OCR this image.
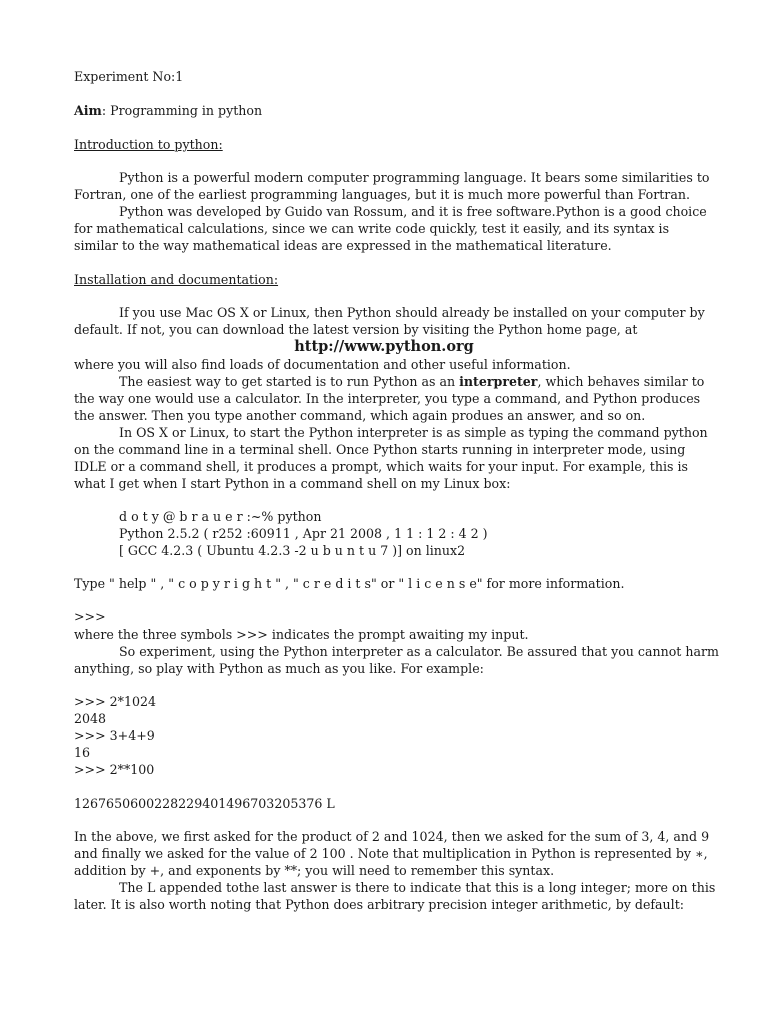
Experiment No:1
Aim: Programming in python
Introduction to python:
Python is a powerful modern computer programming language. It bears some similarities to
Fortran, one of the earliest programming languages, but it is much more powerful than Fortran.
Python was developed by Guido van Rossum, and it is free software.Python is a good choice
for mathematical calculations, since we can write code quickly, test it easily, and its syntax is
similar to the way mathematical ideas are expressed in the mathematical literature.
Installation and documentation:
If you use Mac OS X or Linux, then Python should already be installed on your computer by
default. If not, you can download the latest version by visiting the Python home page, at
http://www.python.org
where you will also find loads of documentation and other useful information.
The easiest way to get started is to run Python as an interpreter, which behaves similar to
the way one would use a calculator. In the interpreter, you type a command, and Python produces
the answer. Then you type another command, which again produes an answer, and so on.
In OS X or Linux, to start the Python interpreter is as simple as typing the command python
on the command line in a terminal shell. Once Python starts running in interpreter mode, using
IDLE or a command shell, it produces a prompt, which waits for your input. For example, this is
what I get when I start Python in a command shell on my Linux box:
d o t y @ b r a u e r :~% python
Python 2.5.2 ( r252 :60911 , Apr 21 2008 , 1 1 : 1 2 : 4 2 )
[ GCC 4.2.3 ( Ubuntu 4.2.3 -2 u b u n t u 7 )] on linux2
Type " help " , " c o p y r i g h t " , " c r e d i t s" or " l i c e n s e" for more information.
>>>
where the three symbols >>> indicates the prompt awaiting my input.
So experiment, using the Python interpreter as a calculator. Be assured that you cannot harm
anything, so play with Python as much as you like. For example:
>>> 2*1024
2048
>>> 3+4+9
16
>>> 2**100
1267650600228229401496703205376 L
In the above, we first asked for the product of 2 and 1024, then we asked for the sum of 3, 4, and 9
and finally we asked for the value of 2 100 . Note that multiplication in Python is represented by ∗,
addition by +, and exponents by **; you will need to remember this syntax.
The L appended tothe last answer is there to indicate that this is a long integer; more on this
later. It is also worth noting that Python does arbitrary precision integer arithmetic, by default:
